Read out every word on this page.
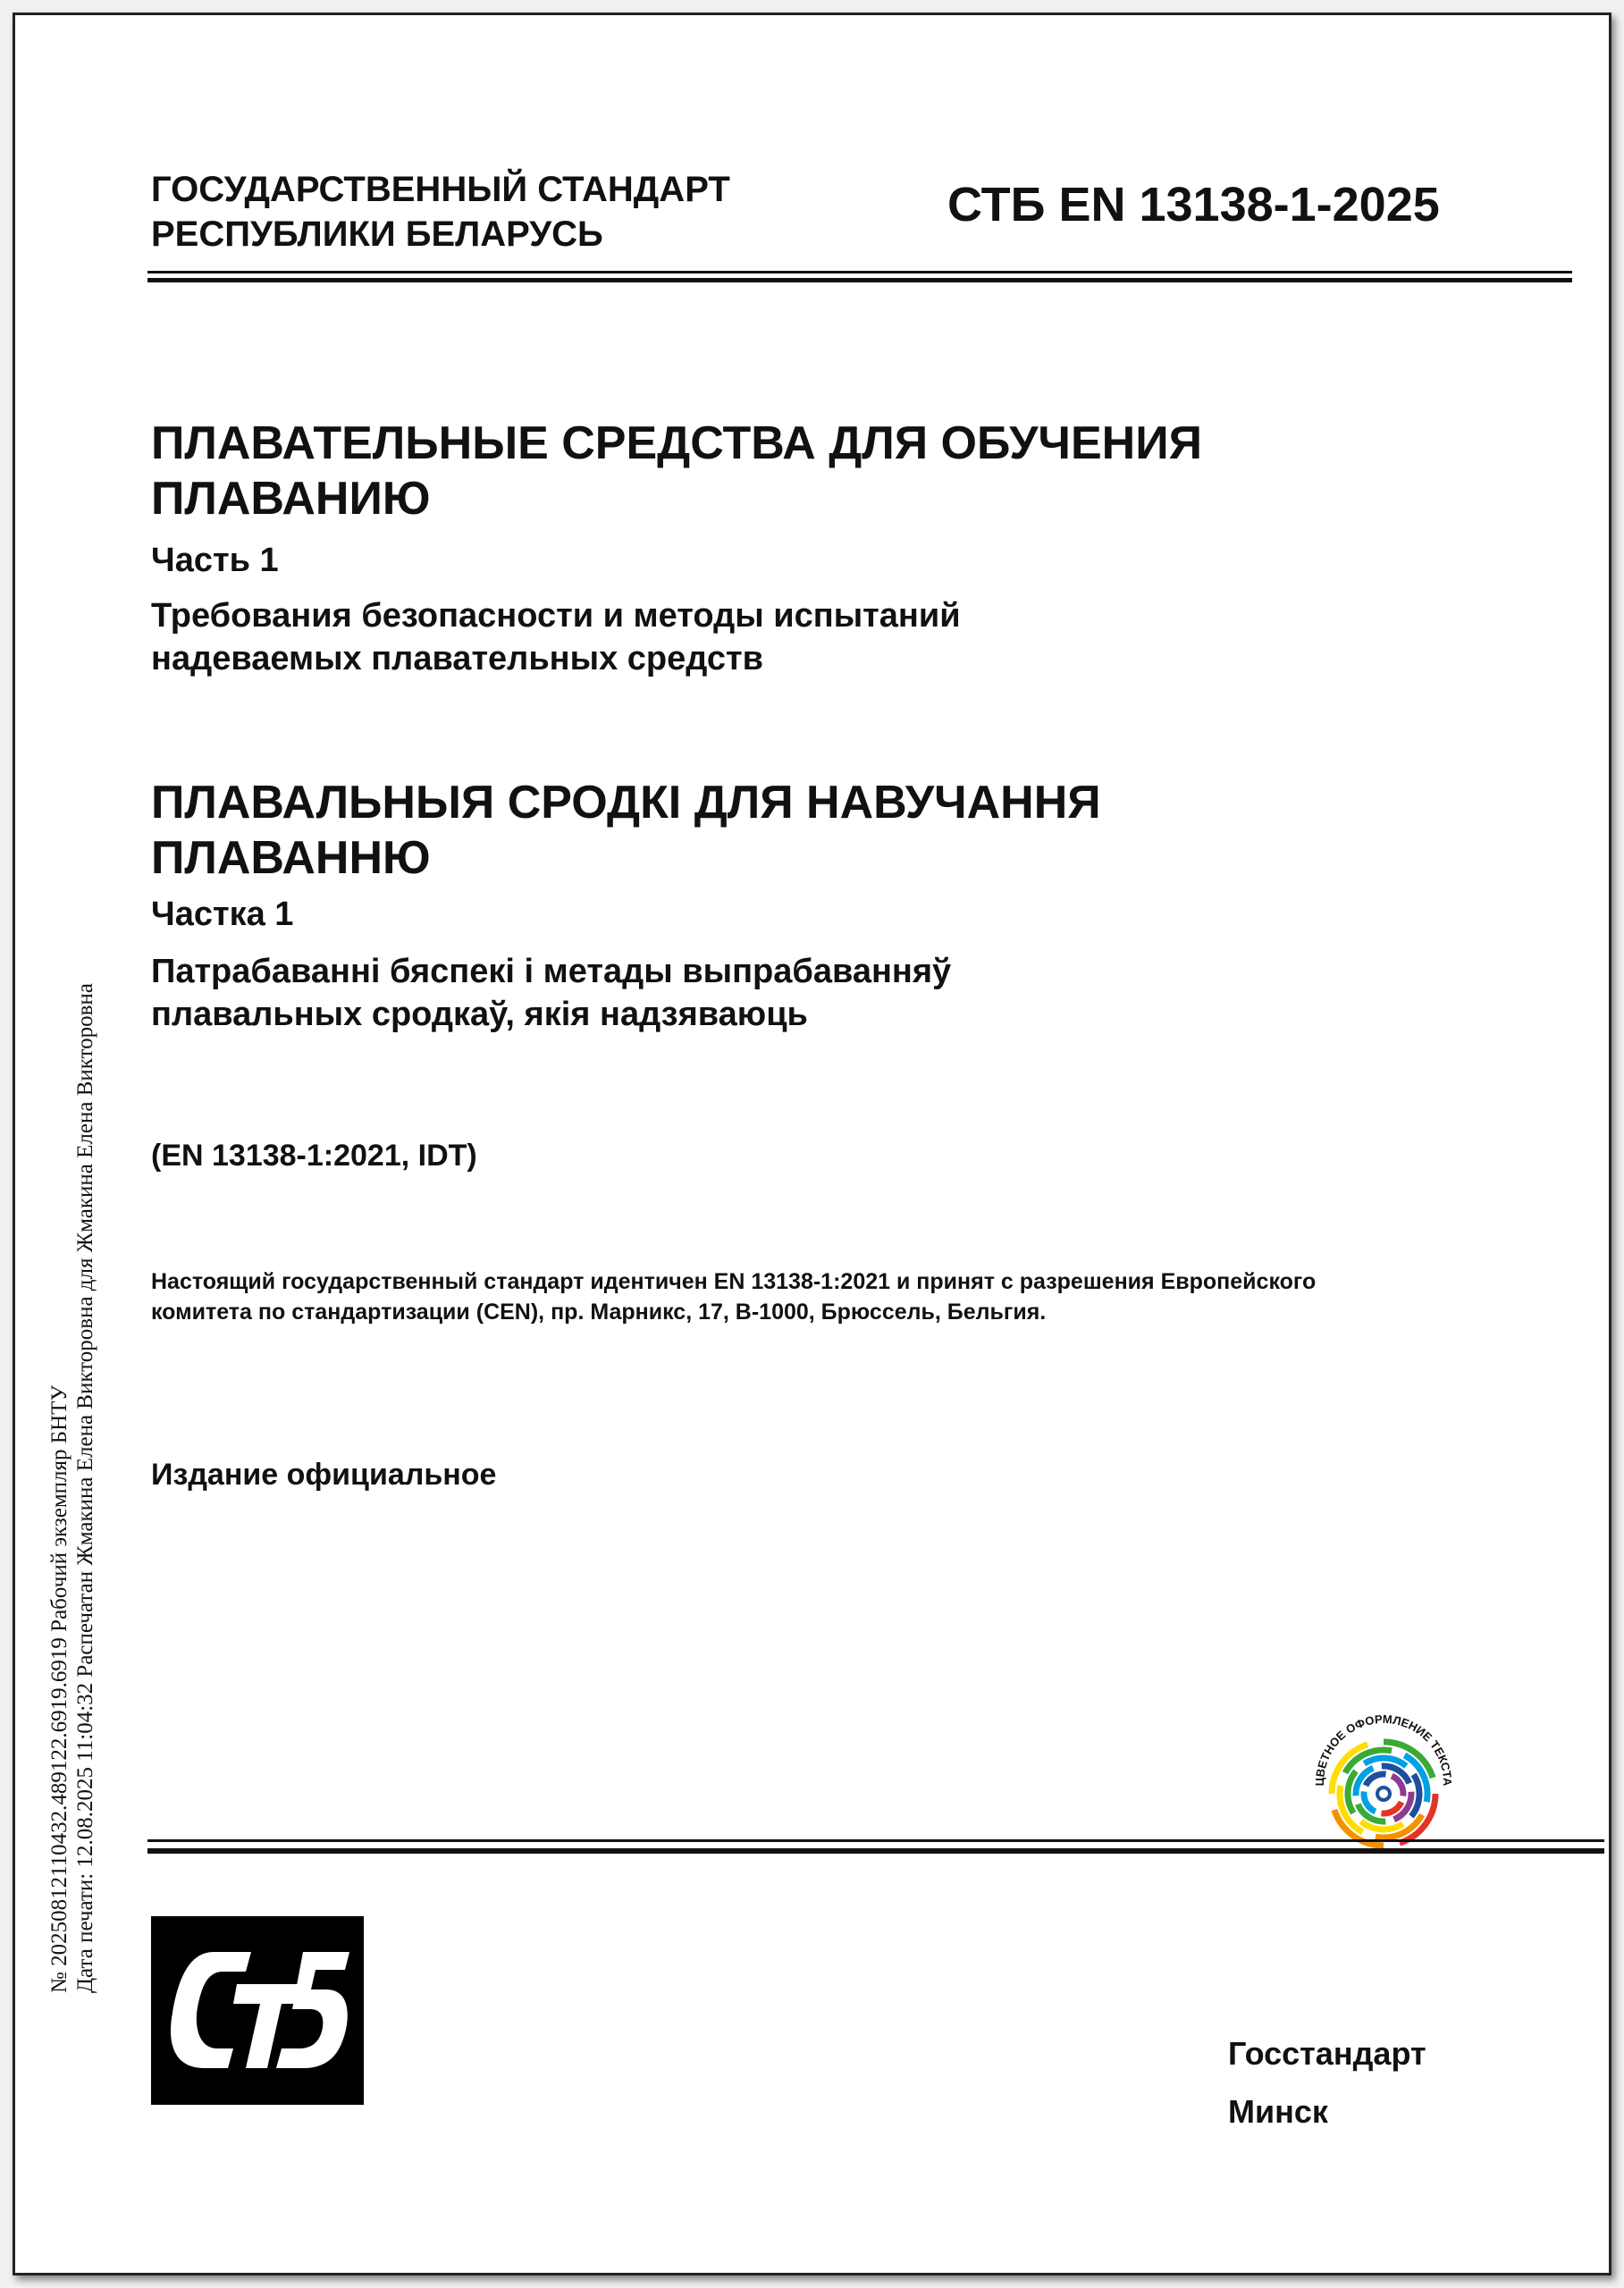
ГОСУДАРСТВЕННЫЙ СТАНДАРТ
РЕСПУБЛИКИ БЕЛАРУСЬ
СТБ EN 13138-1-2025
ПЛАВАТЕЛЬНЫЕ СРЕДСТВА ДЛЯ ОБУЧЕНИЯ
ПЛАВАНИЮ
Часть 1
Требования безопасности и методы испытаний
надеваемых плавательных средств
ПЛАВАЛЬНЫЯ СРОДКІ ДЛЯ НАВУЧАННЯ
ПЛАВАННЮ
Частка 1
Патрабаванні бяспекі і метады выпрабаванняў
плавальных сродкаў, якія надзяваюць
(EN 13138-1:2021, IDT)
Настоящий государственный стандарт идентичен EN 13138-1:2021 и принят с разрешения Европейского
комитета по стандартизации (CEN), пр. Марникс, 17, B-1000, Брюссель, Бельгия.
Издание официальное
ЦВЕТНОЕ ОФОРМЛЕНИЕ ТЕКСТА
Госстандарт
Минск
№ 20250812110432.489122.6919.6919 Рабочий экземпляр БНТУ Дата печати: 12.08.2025 11:04:32 Распечатан Жмакина Елена Викторовна для Жмакина Елена Викторовна
